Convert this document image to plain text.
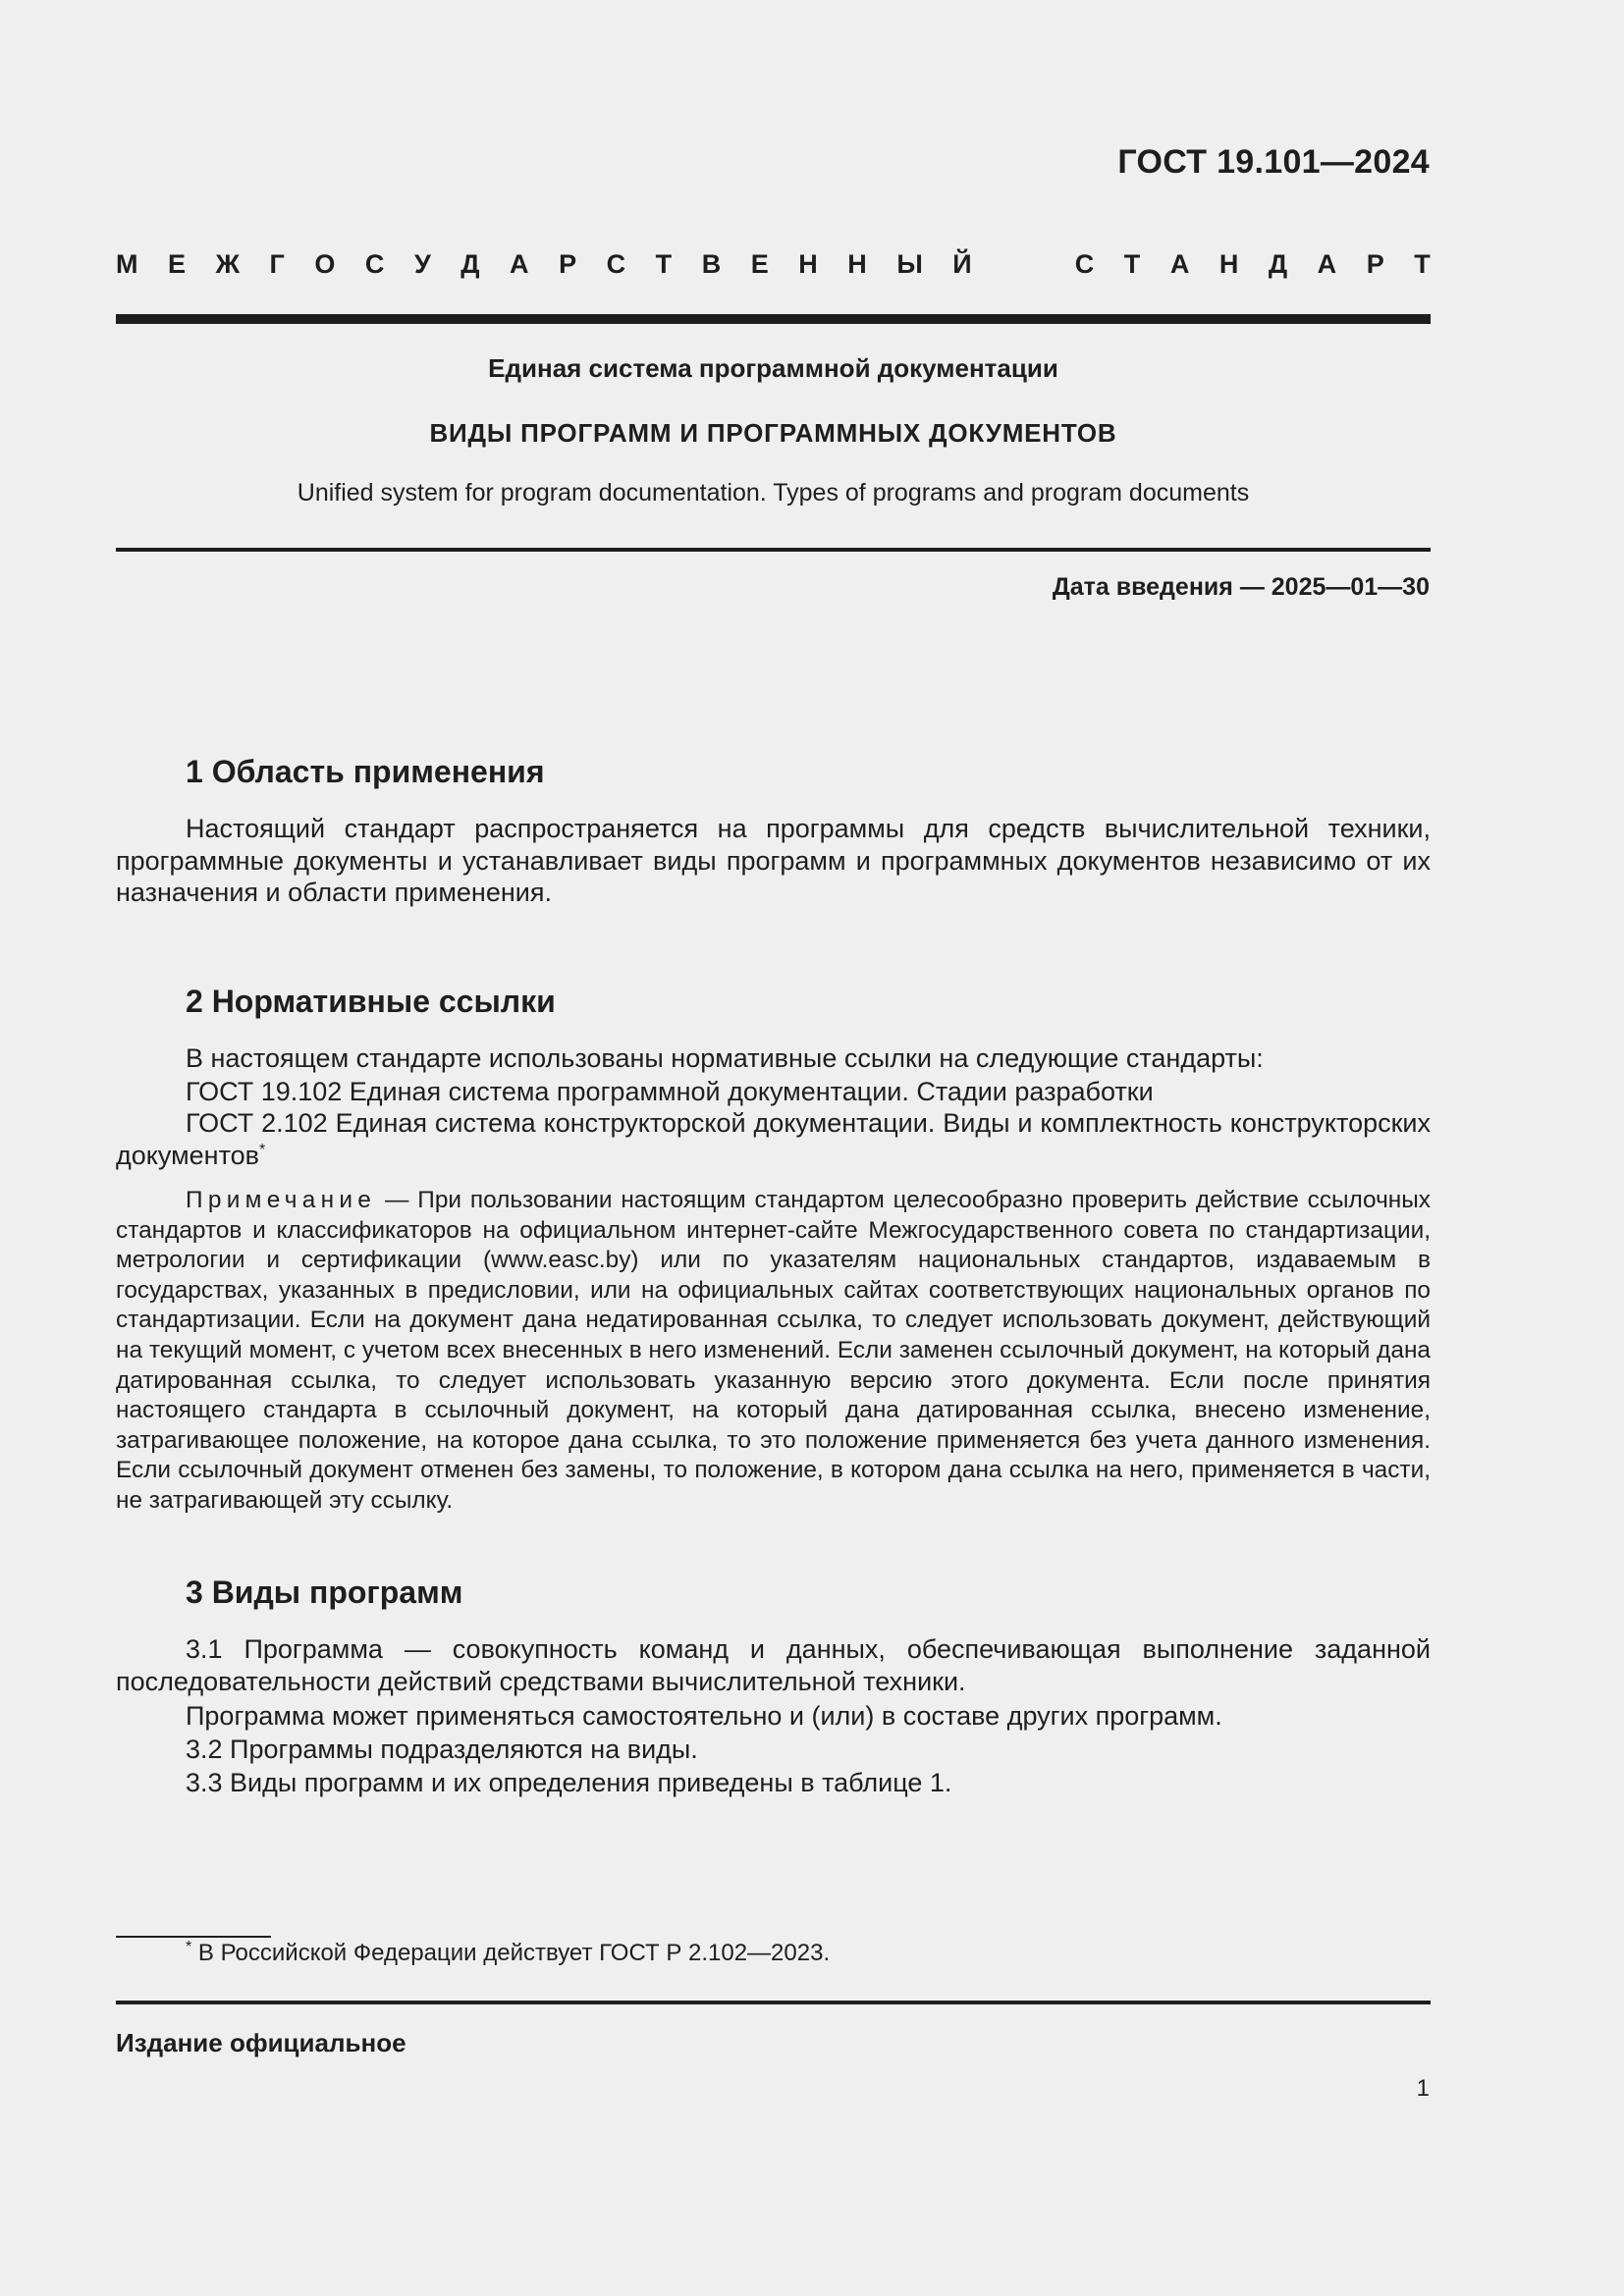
ГОСТ 19.101—2024

М Е Ж Г О С У Д А Р С Т В Е Н Н Ы Й	С Т А Н Д А Р Т

Единая система программной документации

ВИДЫ ПРОГРАММ И ПРОГРАММНЫХ ДОКУМЕНТОВ

Unified system for program documentation. Types of programs and program documents

Дата введения — 2025—01—30

1 Область применения

Настоящий стандарт распространяется на программы для средств вычислительной техники, программные документы и устанавливает виды программ и программных документов независимо от их назначения и области применения.

2 Нормативные ссылки

В настоящем стандарте использованы нормативные ссылки на следующие стандарты:

ГОСТ 19.102 Единая система программной документации. Стадии разработки

ГОСТ 2.102 Единая система конструкторской документации. Виды и комплектность конструкторских документов*

Примечание — При пользовании настоящим стандартом целесообразно проверить действие ссылочных стандартов и классификаторов на официальном интернет-сайте Межгосударственного совета по стандартизации, метрологии и сертификации (www.easc.by) или по указателям национальных стандартов, издаваемым в государствах, указанных в предисловии, или на официальных сайтах соответствующих национальных органов по стандартизации. Если на документ дана недатированная ссылка, то следует использовать документ, действующий на текущий момент, с учетом всех внесенных в него изменений. Если заменен ссылочный документ, на который дана датированная ссылка, то следует использовать указанную версию этого документа. Если после принятия настоящего стандарта в ссылочный документ, на который дана датированная ссылка, внесено изменение, затрагивающее положение, на которое дана ссылка, то это положение применяется без учета данного изменения. Если ссылочный документ отменен без замены, то положение, в котором дана ссылка на него, применяется в части, не затрагивающей эту ссылку.

3 Виды программ

3.1 Программа — совокупность команд и данных, обеспечивающая выполнение заданной последовательности действий средствами вычислительной техники.

Программа может применяться самостоятельно и (или) в составе других программ.

3.2 Программы подразделяются на виды.

3.3 Виды программ и их определения приведены в таблице 1.

* В Российской Федерации действует ГОСТ Р 2.102—2023.

Издание официальное

1
